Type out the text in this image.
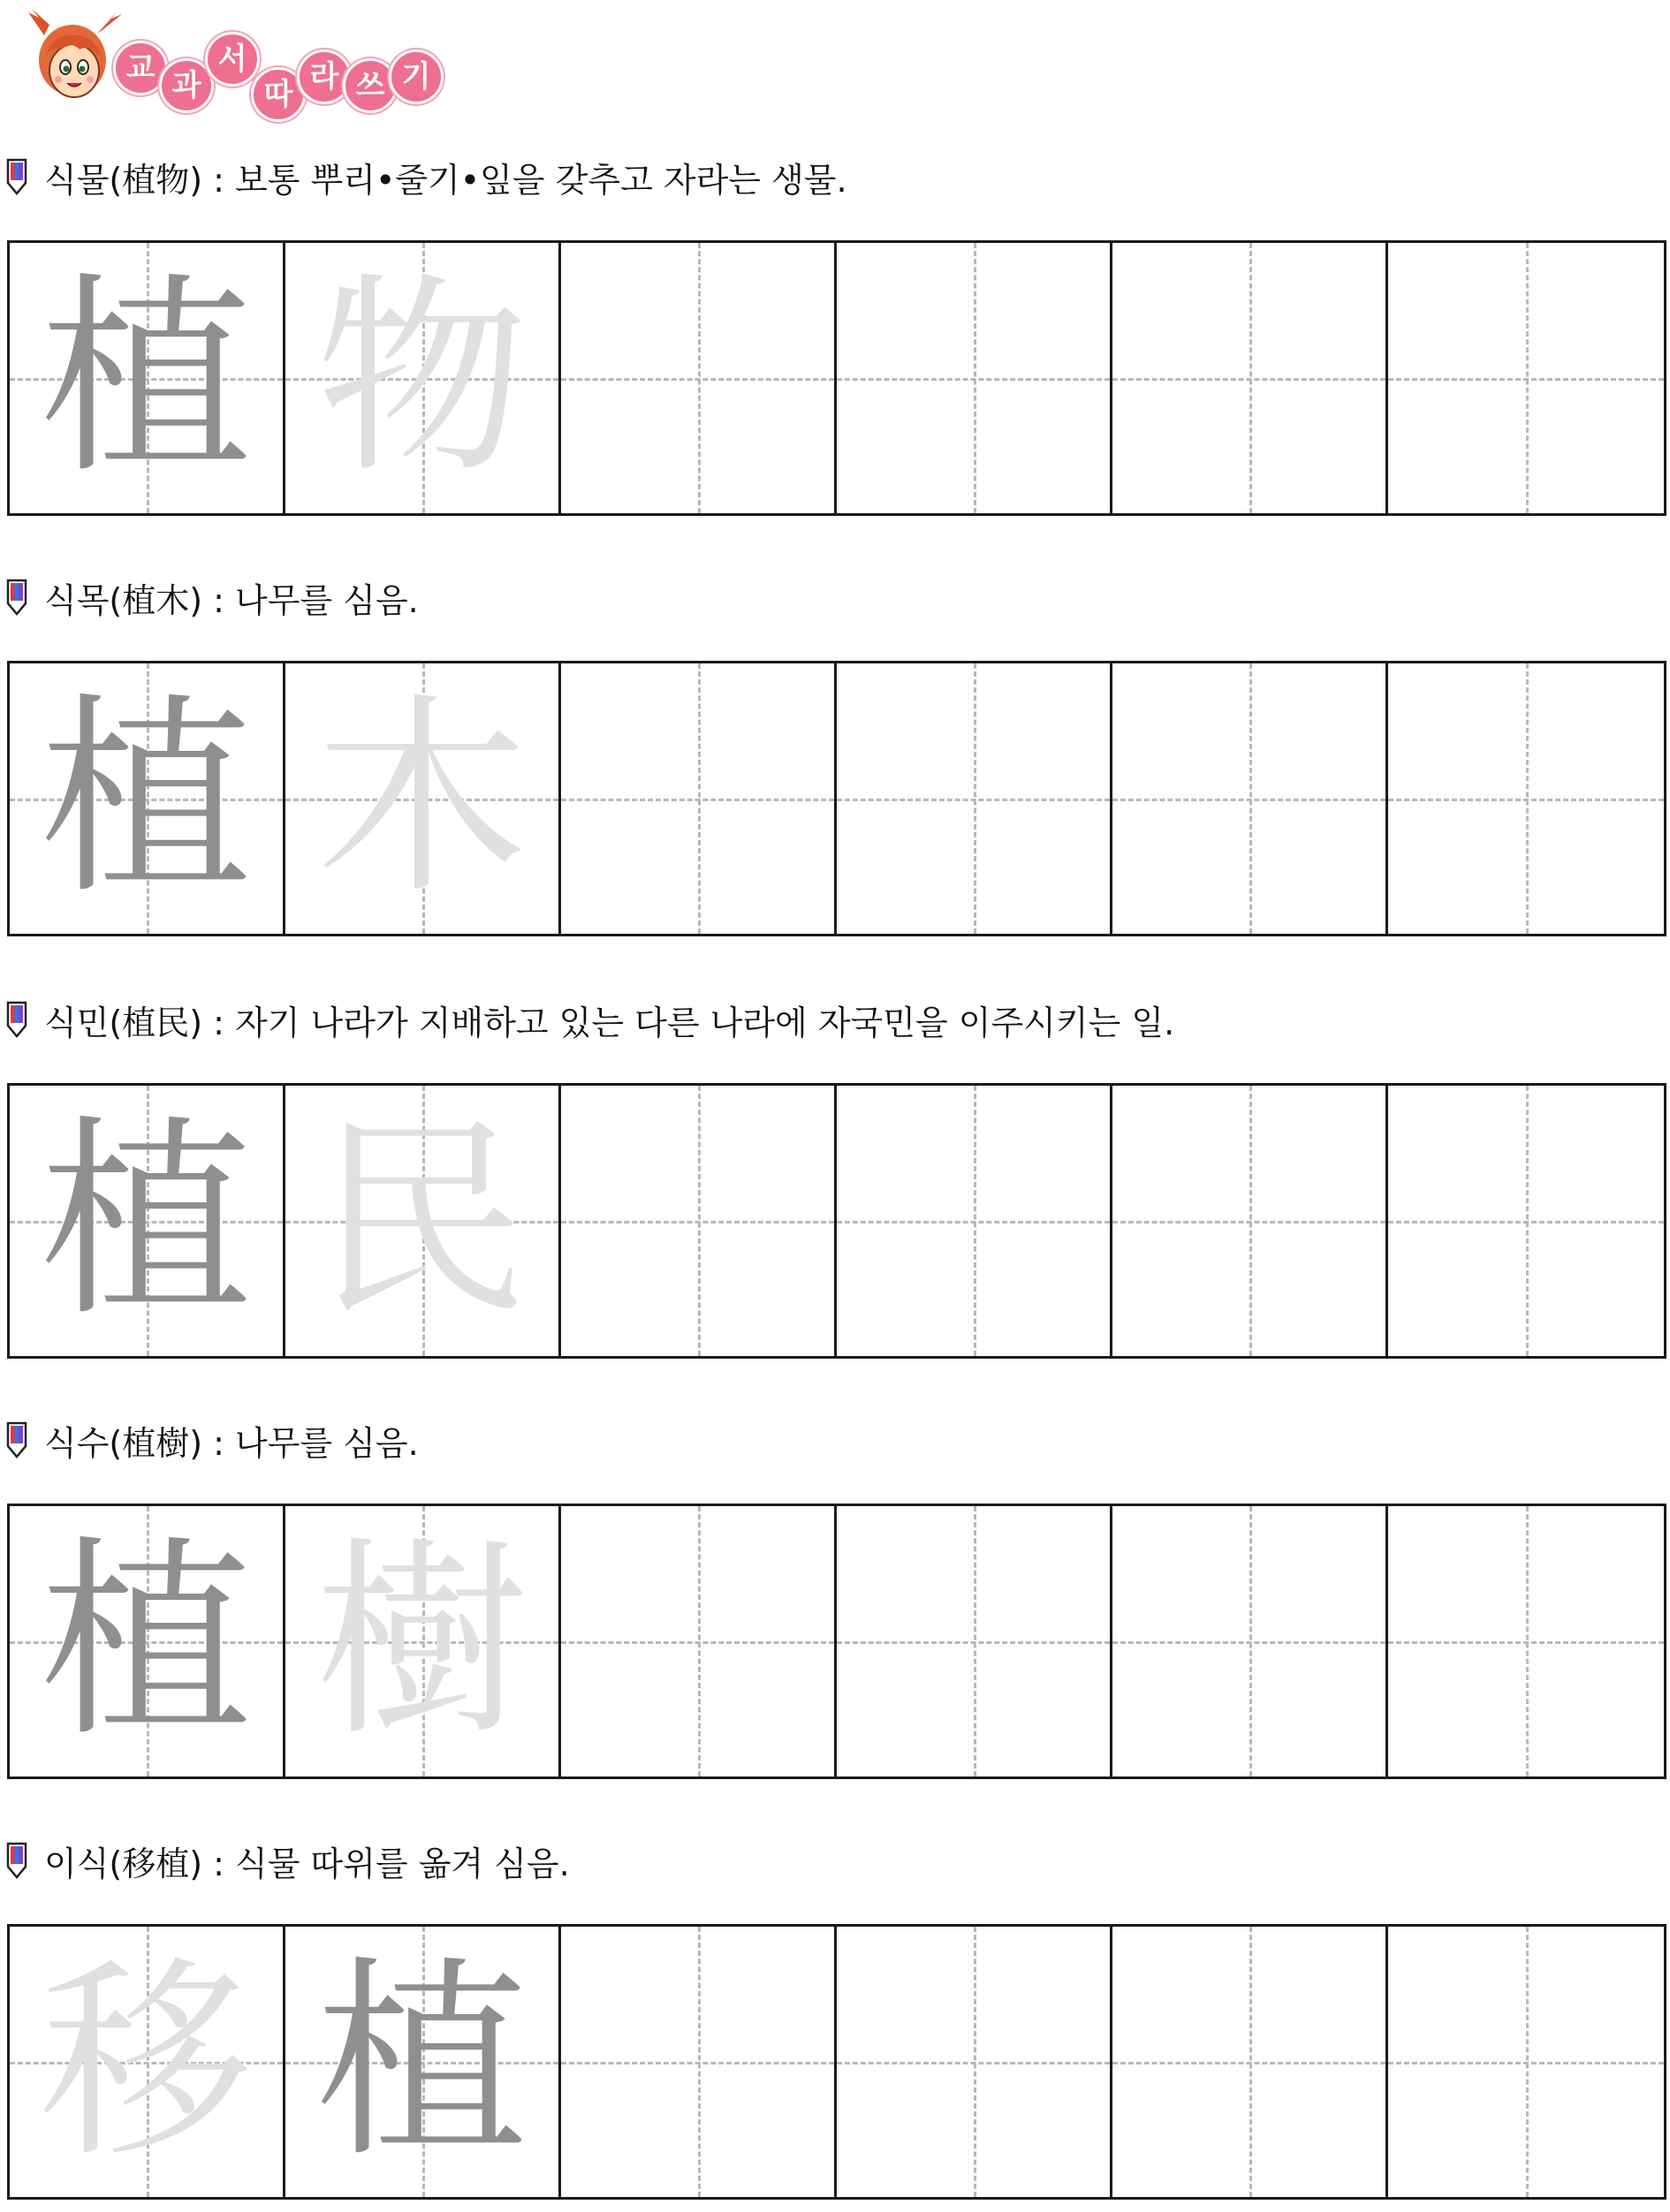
교 과
서
따 라 쓰 기
식물(植物) : 보통 뿌리•줄기•잎을 갖추고 자라는 생물.
植 物
식목(植木) : 나무를 심음.
植 木
식민(植民) : 자기 나라가 지배하고 있는 다른 나라에 자국민을 이주시키는 일.
植 民
식수(植樹) : 나무를 심음.
植 樹
이식(移植) : 식물 따위를 옮겨 심음.
移 植
